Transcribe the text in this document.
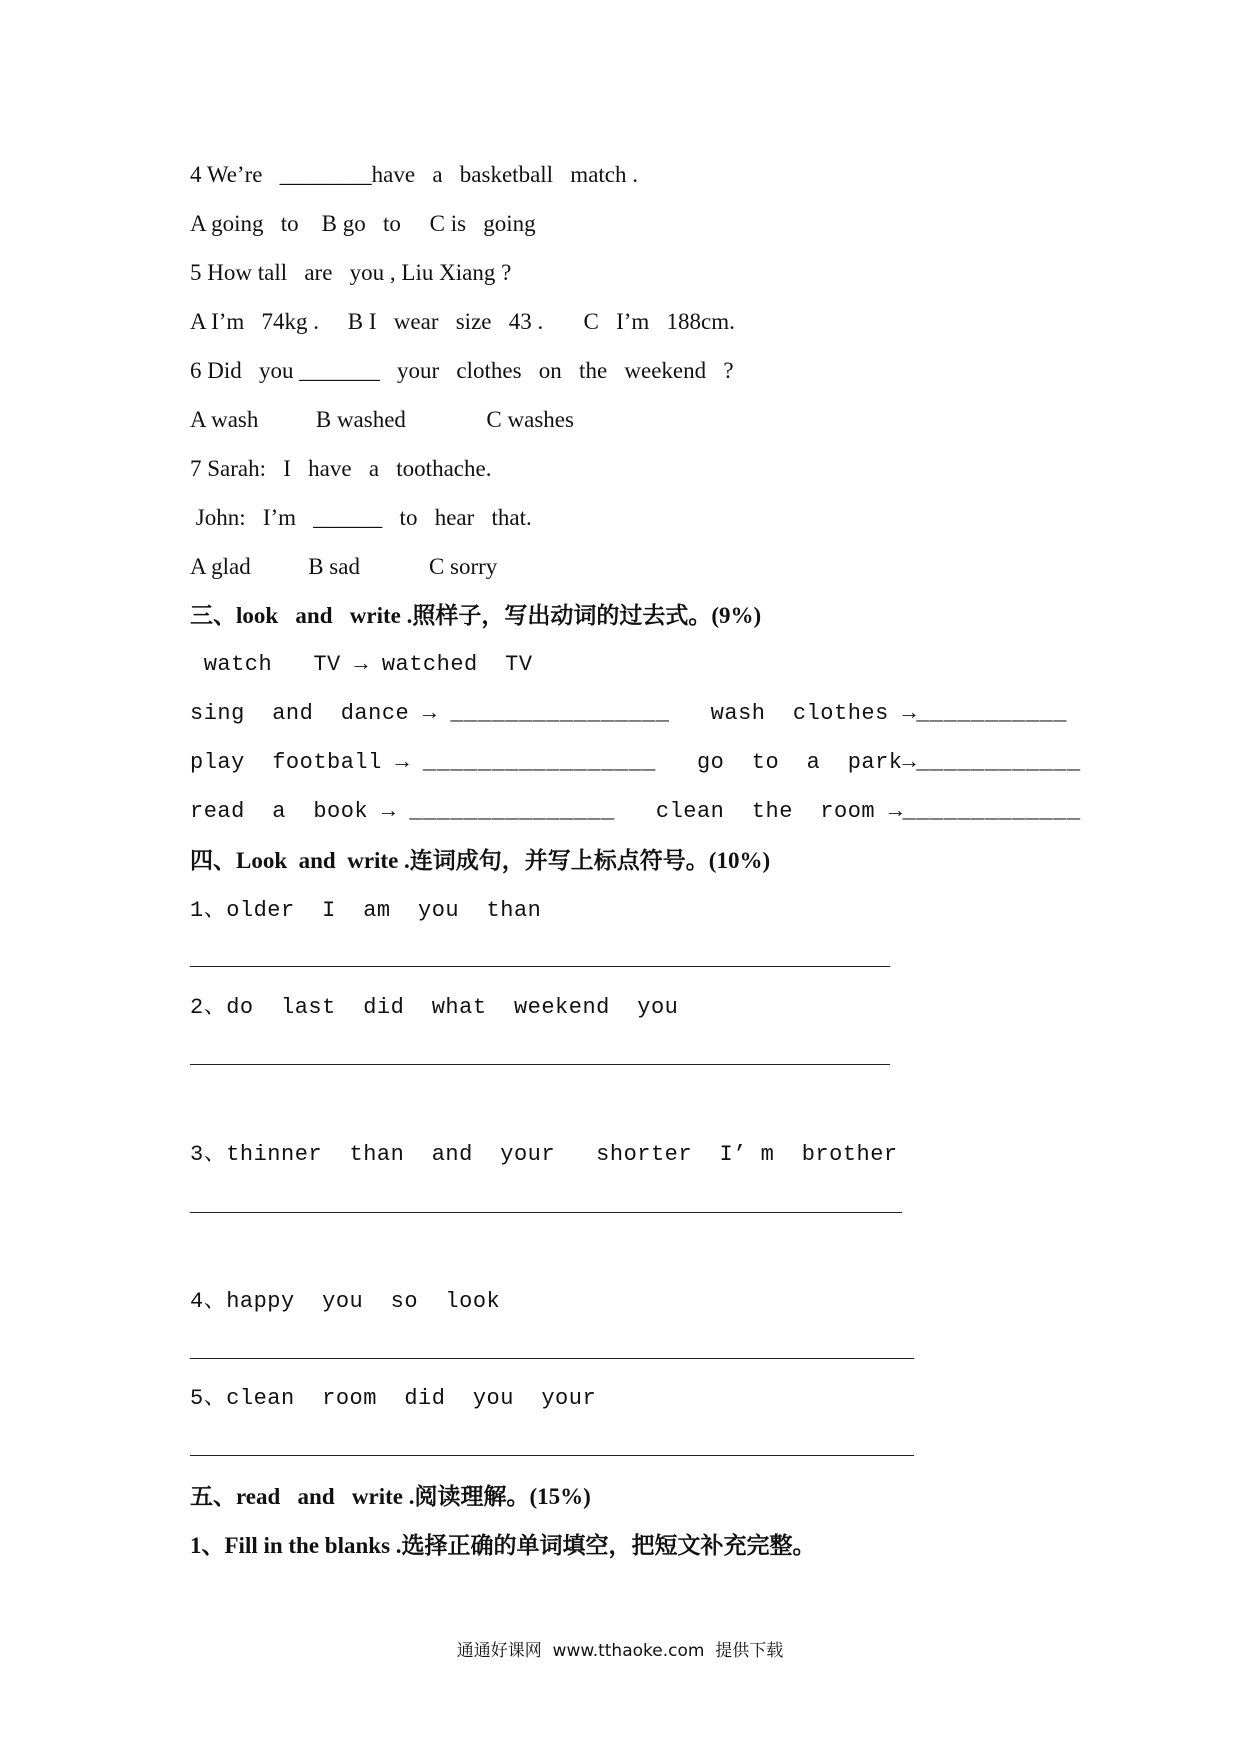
4 We’re   ________have   a   basketball   match .
A going   to    B go   to     C is   going
5 How tall   are   you , Liu Xiang ?
A I’m   74kg .     B I   wear   size   43 .       C   I’m   188cm.
6 Did   you _______   your   clothes   on   the   weekend   ?
A wash          B washed              C washes
7 Sarah:   I   have   a   toothache.
John:   I’m   ______   to   hear   that.
A glad          B sad            C sorry
三、look   and   write .照样子，写出动词的过去式。(9%)
watch   TV → watched  TV
sing  and  dance → ________________   wash  clothes →___________
play  football → _________________   go  to  a  park→____________
read  a  book → _______________   clean  the  room →_____________
四、Look  and  write .连词成句，并写上标点符号。(10%)
1、older  I  am  you  than
2、do  last  did  what  weekend  you
3、thinner  than  and  your   shorter  I’ m  brother
4、happy  you  so  look
5、clean  room  did  you  your
五、read   and   write .阅读理解。(15%)
1、Fill in the blanks .选择正确的单词填空，把短文补充完整。
通通好课网  www.tthaoke.com  提供下载
